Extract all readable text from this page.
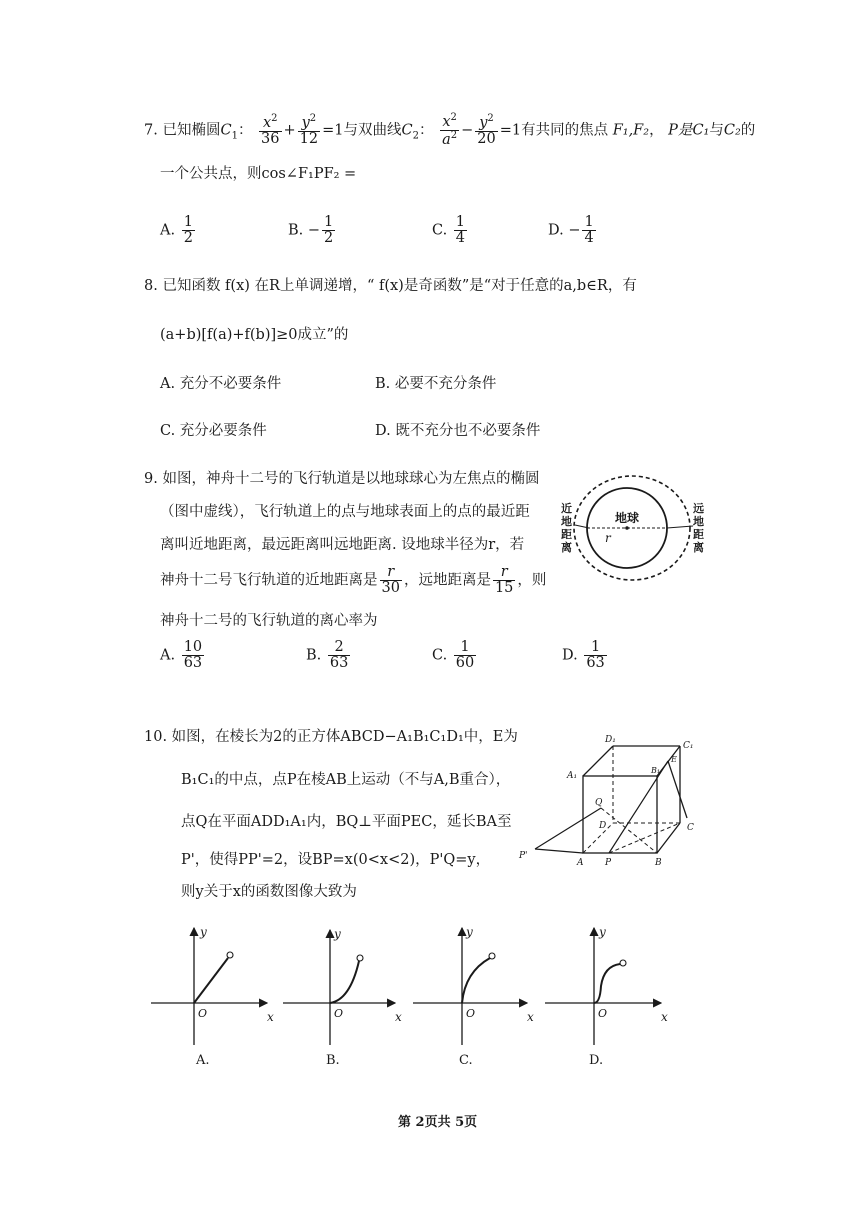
7. 已知椭圆$C_1$： $\frac{x^2}{36} + \frac{y^2}{12} =1$与双曲线$C_2$： $\frac{x^2}{a^2} - \frac{y^2}{20} =1$有共同的焦点 F₁,F₂， P是C₁与C₂的
一个公共点，则cos∠F₁PF₂ =
A. $\frac{1}{2}$	B. − $\frac{1}{2}$	C. $\frac{1}{4}$	D. − $\frac{1}{4}$
8. 已知函数 f(x) 在R上单调递增，“ f(x)是奇函数”是“对于任意的a,b∈R，有
(a+b)[f(a)+f(b)]≥0成立”的
A. 充分不必要条件	B. 必要不充分条件
C. 充分必要条件	D. 既不充分也不必要条件
9. 如图，神舟十二号的飞行轨道是以地球球心为左焦点的椭圆
（图中虚线），飞行轨道上的点与地球表面上的点的最近距
离叫近地距离，最远距离叫远地距离. 设地球半径为r，若
神舟十二号飞行轨道的近地距离是 $\frac{r}{30}$ ，远地距离是 $\frac{r}{15}$ ，则
神舟十二号的飞行轨道的离心率为
A. $\frac{10}{63}$	B. $\frac{2}{63}$	C. $\frac{1}{60}$	D. $\frac{1}{63}$
地球
r
近
地
距
离
远
地
距
离
10. 如图，在棱长为2的正方体ABCD−A₁B₁C₁D₁中，E为
B₁C₁的中点，点P在棱AB上运动（不与A,B重合），
点Q在平面ADD₁A₁内，BQ⊥平面PEC，延长BA至
P'，使得PP'=2，设BP=x(0<x<2)，P'Q=y，
则y关于x的函数图像大致为
D₁
C₁
A₁
B₁
E
Q
D	C
P'
A P	B
y
x
O
A.
y
x
O
B.
y
x
O
C.
y
x
O
D.
第 2页共 5页
